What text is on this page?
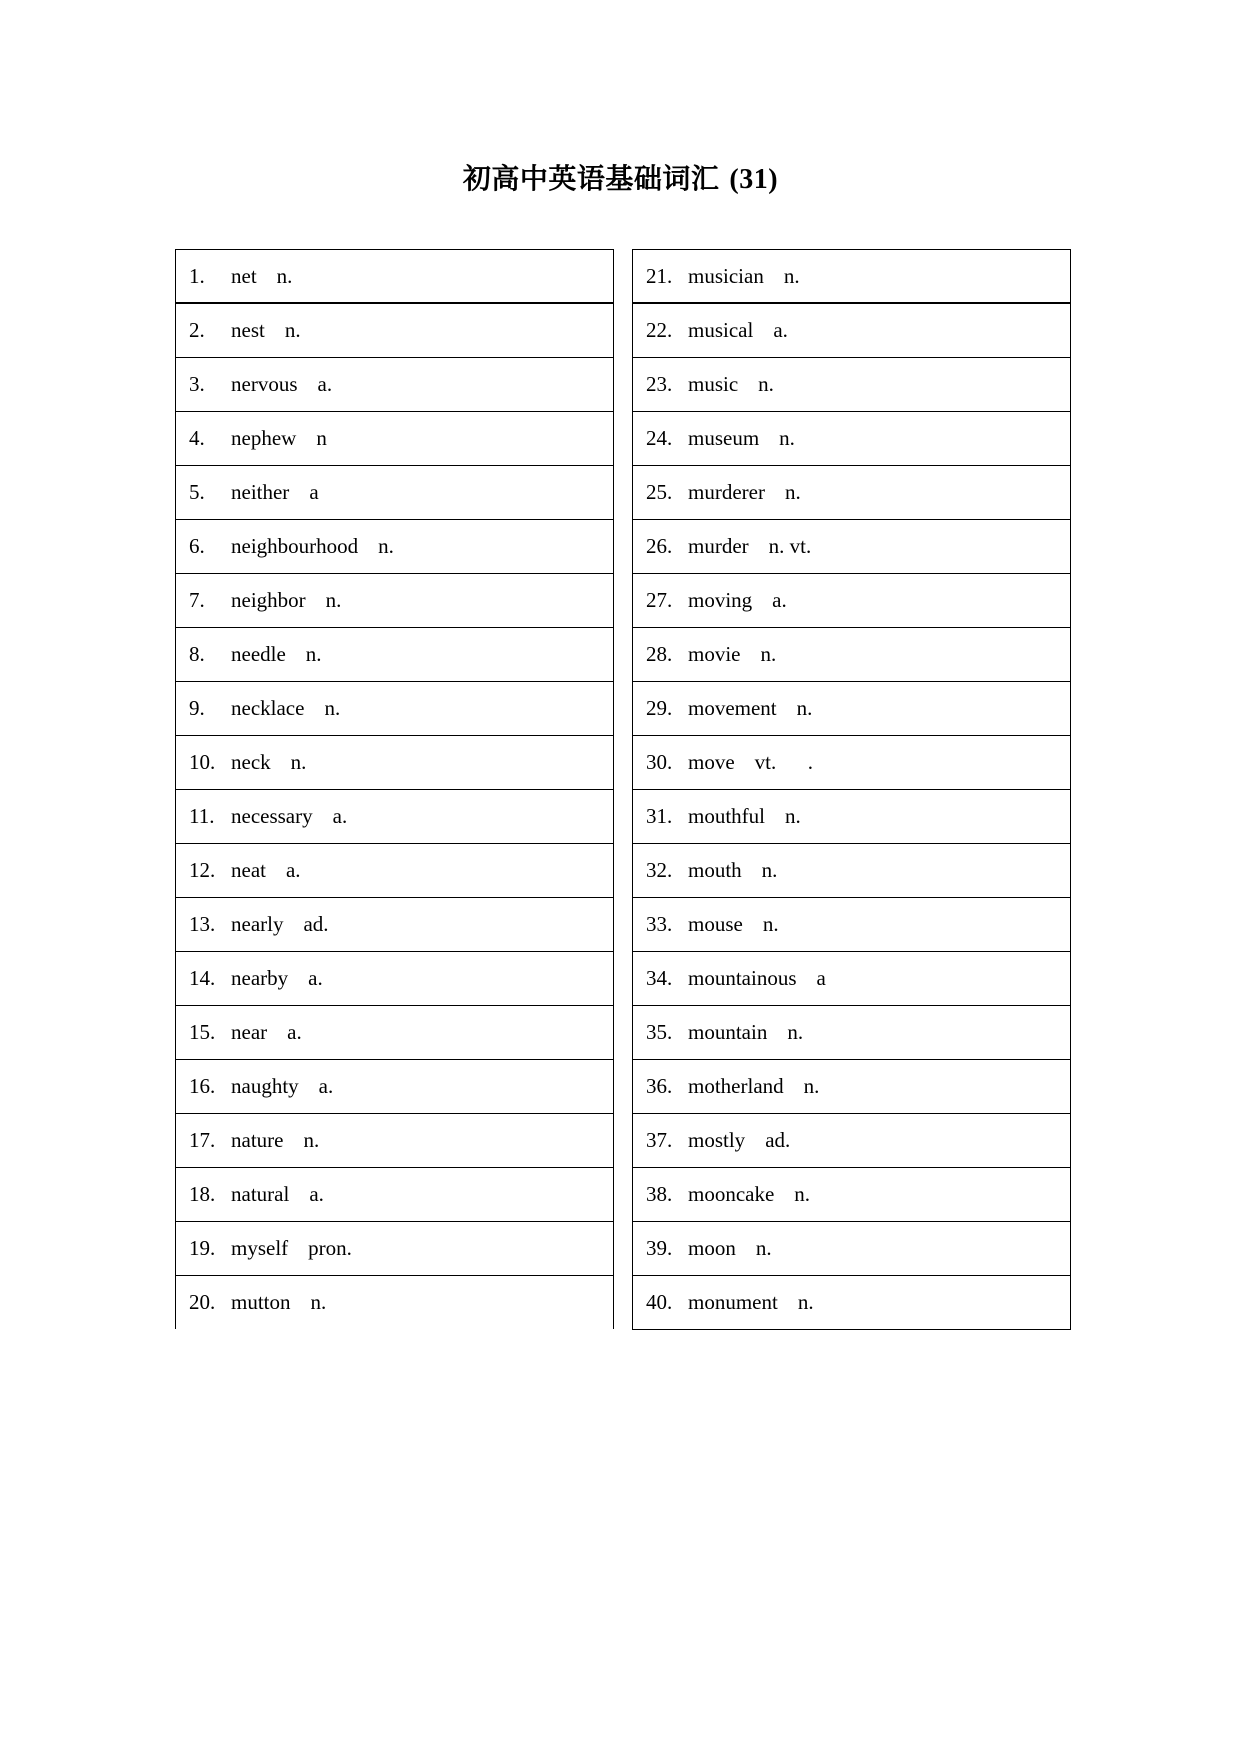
初高中英语基础词汇 (31)
1.	net n.
2.	nest n.
3.	nervous a.
4.	nephew n
5.	neither a
6.	neighbourhood n.
7.	neighbor n.
8.	needle n.
9.	necklace n.
10. neck n.
11. necessary a.
12. neat a.
13. nearly ad.
14. nearby a.
15. near a.
16. naughty a.
17. nature n.
18. natural a.
19. myself pron.
20. mutton n.
21. musician n.
22. musical a.
23. music n.
24. museum n.
25. murderer n.
26. murder n. vt.
27. moving a.
28. movie n.
29. movement n.
30. move vt.      .
31. mouthful n.
32. mouth n.
33. mouse n.
34. mountainous a
35. mountain n.
36. motherland n.
37. mostly ad.
38. mooncake n.
39. moon n.
40. monument n.
